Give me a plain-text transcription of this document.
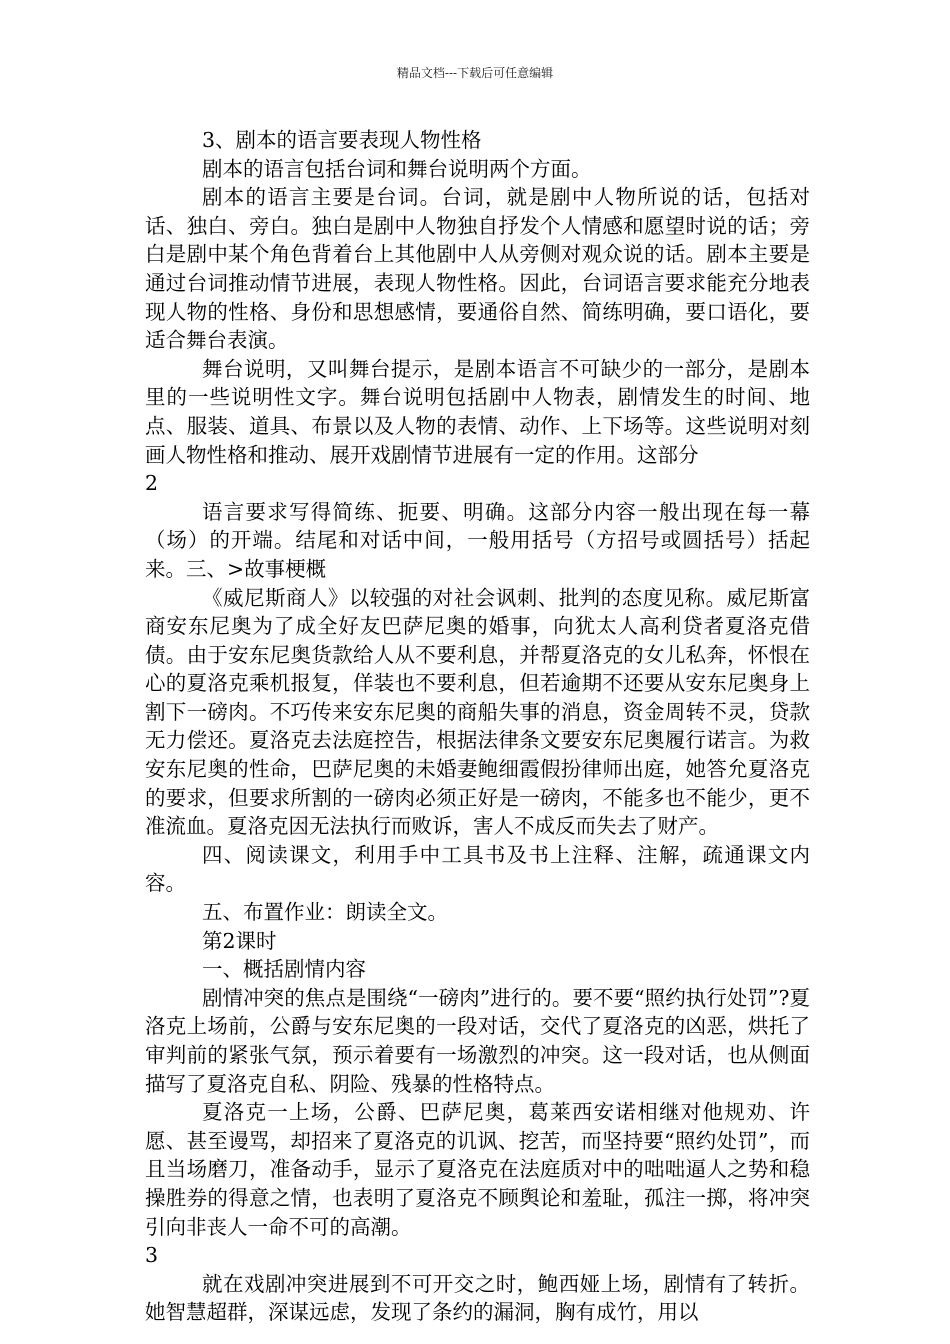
精品文档---下载后可任意编辑

3、剧本的语言要表现人物性格

剧本的语言包括台词和舞台说明两个方面。

剧本的语言主要是台词。台词，就是剧中人物所说的话，包括对话、独白、旁白。独白是剧中人物独自抒发个人情感和愿望时说的话；旁白是剧中某个角色背着台上其他剧中人从旁侧对观众说的话。剧本主要是通过台词推动情节进展，表现人物性格。因此，台词语言要求能充分地表现人物的性格、身份和思想感情，要通俗自然、简练明确，要口语化，要适合舞台表演。

舞台说明，又叫舞台提示，是剧本语言不可缺少的一部分，是剧本里的一些说明性文字。舞台说明包括剧中人物表，剧情发生的时间、地点、服装、道具、布景以及人物的表情、动作、上下场等。这些说明对刻画人物性格和推动、展开戏剧情节进展有一定的作用。这部分

2

语言要求写得简练、扼要、明确。这部分内容一般出现在每一幕（场）的开端。结尾和对话中间，一般用括号（方招号或圆括号）括起来。三、>故事梗概

《威尼斯商人》以较强的对社会讽刺、批判的态度见称。威尼斯富商安东尼奥为了成全好友巴萨尼奥的婚事，向犹太人高利贷者夏洛克借债。由于安东尼奥货款给人从不要利息，并帮夏洛克的女儿私奔，怀恨在心的夏洛克乘机报复，佯装也不要利息，但若逾期不还要从安东尼奥身上割下一磅肉。不巧传来安东尼奥的商船失事的消息，资金周转不灵，贷款无力偿还。夏洛克去法庭控告，根据法律条文要安东尼奥履行诺言。为救安东尼奥的性命，巴萨尼奥的未婚妻鲍细霞假扮律师出庭，她答允夏洛克的要求，但要求所割的一磅肉必须正好是一磅肉，不能多也不能少，更不准流血。夏洛克因无法执行而败诉，害人不成反而失去了财产。

四、阅读课文，利用手中工具书及书上注释、注解，疏通课文内容。

五、布置作业：朗读全文。

第2课时

一、概括剧情内容

剧情冲突的焦点是围绕“一磅肉”进行的。要不要“照约执行处罚”?夏洛克上场前，公爵与安东尼奥的一段对话，交代了夏洛克的凶恶，烘托了审判前的紧张气氛，预示着要有一场激烈的冲突。这一段对话，也从侧面描写了夏洛克自私、阴险、残暴的性格特点。

夏洛克一上场，公爵、巴萨尼奥，葛莱西安诺相继对他规劝、许愿、甚至谩骂，却招来了夏洛克的讥讽、挖苦，而坚持要“照约处罚”，而且当场磨刀，准备动手，显示了夏洛克在法庭质对中的咄咄逼人之势和稳操胜券的得意之情，也表明了夏洛克不顾舆论和羞耻，孤注一掷，将冲突引向非丧人一命不可的高潮。

3

就在戏剧冲突进展到不可开交之时，鲍西娅上场，剧情有了转折。她智慧超群，深谋远虑，发现了条约的漏洞，胸有成竹，用以
